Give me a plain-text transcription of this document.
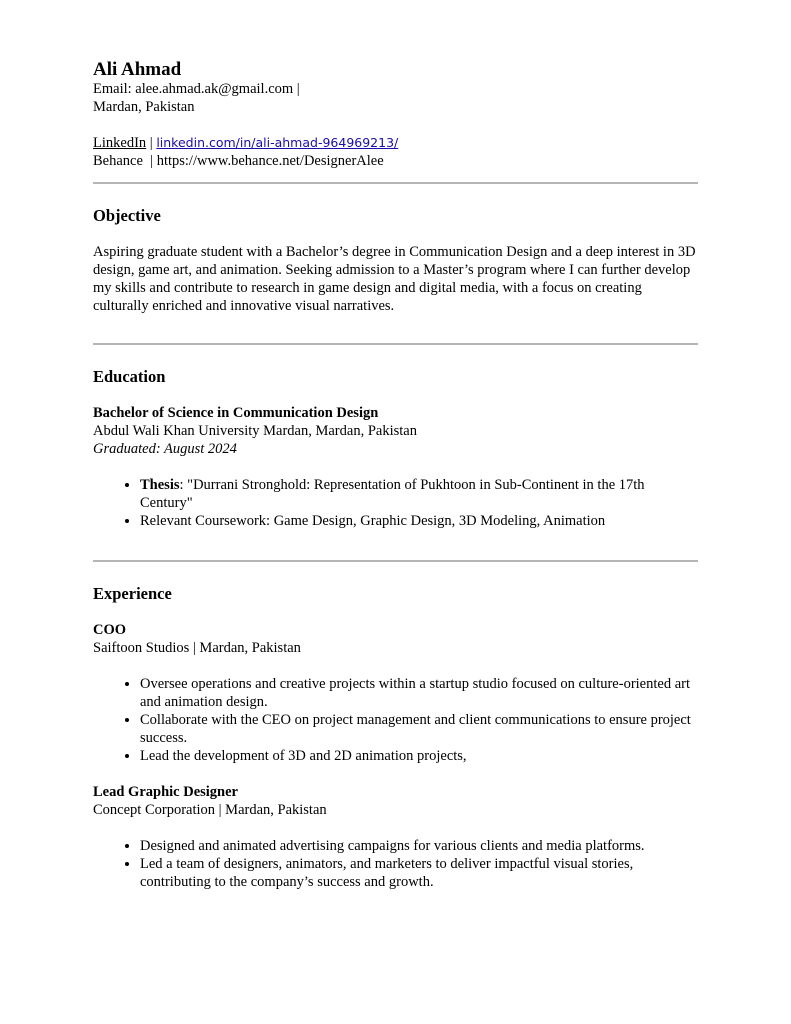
Ali Ahmad
Email: alee.ahmad.ak@gmail.com |
Mardan, Pakistan
LinkedIn | linkedin.com/in/ali-ahmad-964969213/
Behance  | https://www.behance.net/DesignerAlee
Objective

Aspiring graduate student with a Bachelor’s degree in Communication Design and a deep interest in 3D design, game art, and animation. Seeking admission to a Master’s program where I can further develop my skills and contribute to research in game design and digital media, with a focus on creating culturally enriched and innovative visual narratives.

Education
Bachelor of Science in Communication Design
Abdul Wali Khan University Mardan, Mardan, Pakistan
Graduated: August 2024
• Thesis: "Durrani Stronghold: Representation of Pukhtoon in Sub-Continent in the 17th Century"
• Relevant Coursework: Game Design, Graphic Design, 3D Modeling, Animation
Experience
COO
Saiftoon Studios | Mardan, Pakistan
• Oversee operations and creative projects within a startup studio focused on culture-oriented art and animation design.
• Collaborate with the CEO on project management and client communications to ensure project success.
• Lead the development of 3D and 2D animation projects,
Lead Graphic Designer
Concept Corporation | Mardan, Pakistan
• Designed and animated advertising campaigns for various clients and media platforms.
• Led a team of designers, animators, and marketers to deliver impactful visual stories, contributing to the company’s success and growth.
